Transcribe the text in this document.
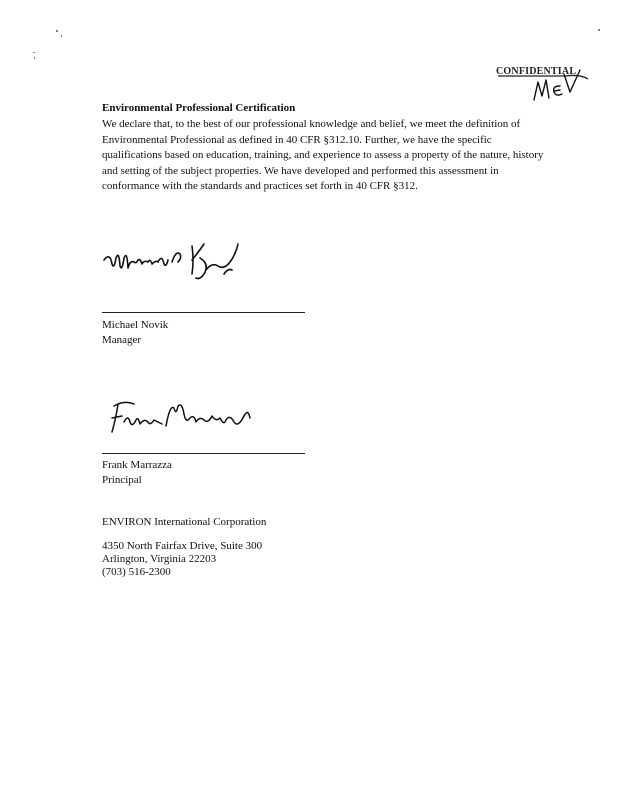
CONFIDENTIAL
Environmental Professional Certification
We declare that, to the best of our professional knowledge and belief, we meet the definition of
Environmental Professional as defined in 40 CFR §312.10. Further, we have the specific
qualifications based on education, training, and experience to assess a property of the nature, history
and setting of the subject properties. We have developed and performed this assessment in
conformance with the standards and practices set forth in 40 CFR §312.
Michael Novik
Manager
Frank Marrazza
Principal
ENVIRON International Corporation
4350 North Fairfax Drive, Suite 300
Arlington, Virginia 22203
(703) 516-2300
